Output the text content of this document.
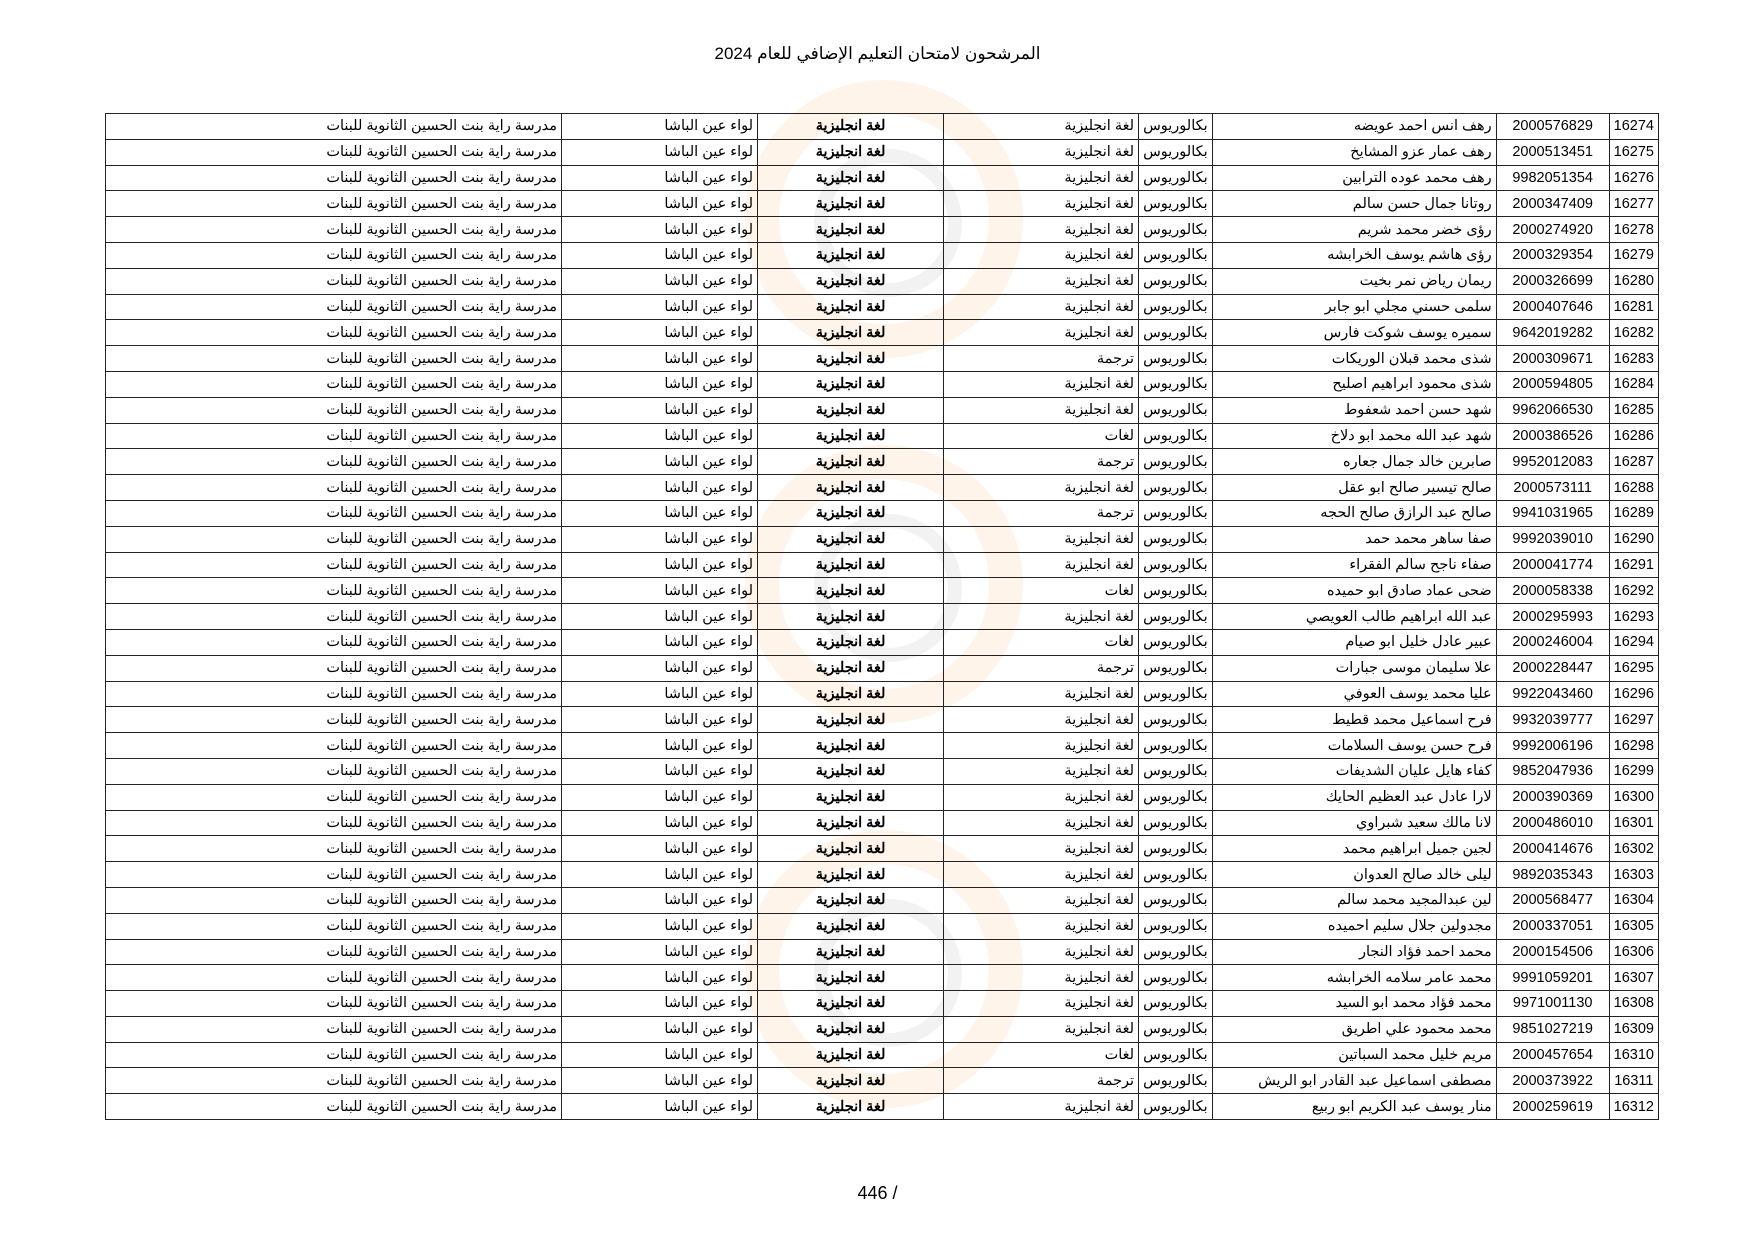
المرشحون لامتحان التعليم الإضافي للعام 2024
16274	2000576829	رهف انس احمد عويضه	بكالوريوس	لغة انجليزية	لغة انجليزية	لواء عين الباشا	مدرسة راية بنت الحسين الثانوية للبنات
16275	2000513451	رهف عمار عزو المشايخ	بكالوريوس	لغة انجليزية	لغة انجليزية	لواء عين الباشا	مدرسة راية بنت الحسين الثانوية للبنات
16276	9982051354	رهف محمد عوده الترابين	بكالوريوس	لغة انجليزية	لغة انجليزية	لواء عين الباشا	مدرسة راية بنت الحسين الثانوية للبنات
16277	2000347409	روتانا جمال حسن سالم	بكالوريوس	لغة انجليزية	لغة انجليزية	لواء عين الباشا	مدرسة راية بنت الحسين الثانوية للبنات
16278	2000274920	رؤى خضر محمد شريم	بكالوريوس	لغة انجليزية	لغة انجليزية	لواء عين الباشا	مدرسة راية بنت الحسين الثانوية للبنات
16279	2000329354	رؤى هاشم يوسف الخرابشه	بكالوريوس	لغة انجليزية	لغة انجليزية	لواء عين الباشا	مدرسة راية بنت الحسين الثانوية للبنات
16280	2000326699	ريمان رياض نمر بخيت	بكالوريوس	لغة انجليزية	لغة انجليزية	لواء عين الباشا	مدرسة راية بنت الحسين الثانوية للبنات
16281	2000407646	سلمى حسني مجلي ابو جابر	بكالوريوس	لغة انجليزية	لغة انجليزية	لواء عين الباشا	مدرسة راية بنت الحسين الثانوية للبنات
16282	9642019282	سميره يوسف شوكت فارس	بكالوريوس	لغة انجليزية	لغة انجليزية	لواء عين الباشا	مدرسة راية بنت الحسين الثانوية للبنات
16283	2000309671	شذى محمد قبلان الوريكات	بكالوريوس	ترجمة	لغة انجليزية	لواء عين الباشا	مدرسة راية بنت الحسين الثانوية للبنات
16284	2000594805	شذى محمود ابراهيم اصليح	بكالوريوس	لغة انجليزية	لغة انجليزية	لواء عين الباشا	مدرسة راية بنت الحسين الثانوية للبنات
16285	9962066530	شهد حسن احمد شعفوط	بكالوريوس	لغة انجليزية	لغة انجليزية	لواء عين الباشا	مدرسة راية بنت الحسين الثانوية للبنات
16286	2000386526	شهد عبد الله محمد ابو دلاخ	بكالوريوس	لغات	لغة انجليزية	لواء عين الباشا	مدرسة راية بنت الحسين الثانوية للبنات
16287	9952012083	صابرين خالد جمال جعاره	بكالوريوس	ترجمة	لغة انجليزية	لواء عين الباشا	مدرسة راية بنت الحسين الثانوية للبنات
16288	2000573111	صالح تيسير صالح ابو عقل	بكالوريوس	لغة انجليزية	لغة انجليزية	لواء عين الباشا	مدرسة راية بنت الحسين الثانوية للبنات
16289	9941031965	صالح عبد الرازق صالح الحجه	بكالوريوس	ترجمة	لغة انجليزية	لواء عين الباشا	مدرسة راية بنت الحسين الثانوية للبنات
16290	9992039010	صفا ساهر محمد حمد	بكالوريوس	لغة انجليزية	لغة انجليزية	لواء عين الباشا	مدرسة راية بنت الحسين الثانوية للبنات
16291	2000041774	صفاء ناجح سالم الفقراء	بكالوريوس	لغة انجليزية	لغة انجليزية	لواء عين الباشا	مدرسة راية بنت الحسين الثانوية للبنات
16292	2000058338	ضحى عماد صادق ابو حميده	بكالوريوس	لغات	لغة انجليزية	لواء عين الباشا	مدرسة راية بنت الحسين الثانوية للبنات
16293	2000295993	عبد الله ابراهيم طالب العويصي	بكالوريوس	لغة انجليزية	لغة انجليزية	لواء عين الباشا	مدرسة راية بنت الحسين الثانوية للبنات
16294	2000246004	عبير عادل خليل ابو صيام	بكالوريوس	لغات	لغة انجليزية	لواء عين الباشا	مدرسة راية بنت الحسين الثانوية للبنات
16295	2000228447	علا سليمان موسى جبارات	بكالوريوس	ترجمة	لغة انجليزية	لواء عين الباشا	مدرسة راية بنت الحسين الثانوية للبنات
16296	9922043460	عليا محمد يوسف العوفي	بكالوريوس	لغة انجليزية	لغة انجليزية	لواء عين الباشا	مدرسة راية بنت الحسين الثانوية للبنات
16297	9932039777	فرح اسماعيل محمد قطيط	بكالوريوس	لغة انجليزية	لغة انجليزية	لواء عين الباشا	مدرسة راية بنت الحسين الثانوية للبنات
16298	9992006196	فرح حسن يوسف السلامات	بكالوريوس	لغة انجليزية	لغة انجليزية	لواء عين الباشا	مدرسة راية بنت الحسين الثانوية للبنات
16299	9852047936	كفاء هايل عليان الشديفات	بكالوريوس	لغة انجليزية	لغة انجليزية	لواء عين الباشا	مدرسة راية بنت الحسين الثانوية للبنات
16300	2000390369	لارا عادل عبد العظيم الحايك	بكالوريوس	لغة انجليزية	لغة انجليزية	لواء عين الباشا	مدرسة راية بنت الحسين الثانوية للبنات
16301	2000486010	لانا مالك سعيد شبراوي	بكالوريوس	لغة انجليزية	لغة انجليزية	لواء عين الباشا	مدرسة راية بنت الحسين الثانوية للبنات
16302	2000414676	لجين جميل ابراهيم محمد	بكالوريوس	لغة انجليزية	لغة انجليزية	لواء عين الباشا	مدرسة راية بنت الحسين الثانوية للبنات
16303	9892035343	ليلى خالد صالح العدوان	بكالوريوس	لغة انجليزية	لغة انجليزية	لواء عين الباشا	مدرسة راية بنت الحسين الثانوية للبنات
16304	2000568477	لين عبدالمجيد محمد سالم	بكالوريوس	لغة انجليزية	لغة انجليزية	لواء عين الباشا	مدرسة راية بنت الحسين الثانوية للبنات
16305	2000337051	مجدولين جلال سليم احميده	بكالوريوس	لغة انجليزية	لغة انجليزية	لواء عين الباشا	مدرسة راية بنت الحسين الثانوية للبنات
16306	2000154506	محمد احمد فؤاد النجار	بكالوريوس	لغة انجليزية	لغة انجليزية	لواء عين الباشا	مدرسة راية بنت الحسين الثانوية للبنات
16307	9991059201	محمد عامر سلامه الخرابشه	بكالوريوس	لغة انجليزية	لغة انجليزية	لواء عين الباشا	مدرسة راية بنت الحسين الثانوية للبنات
16308	9971001130	محمد فؤاد محمد ابو السيد	بكالوريوس	لغة انجليزية	لغة انجليزية	لواء عين الباشا	مدرسة راية بنت الحسين الثانوية للبنات
16309	9851027219	محمد محمود علي اطريق	بكالوريوس	لغة انجليزية	لغة انجليزية	لواء عين الباشا	مدرسة راية بنت الحسين الثانوية للبنات
16310	2000457654	مريم خليل محمد السباتين	بكالوريوس	لغات	لغة انجليزية	لواء عين الباشا	مدرسة راية بنت الحسين الثانوية للبنات
16311	2000373922	مصطفى اسماعيل عبد القادر ابو الريش	بكالوريوس	ترجمة	لغة انجليزية	لواء عين الباشا	مدرسة راية بنت الحسين الثانوية للبنات
16312	2000259619	منار يوسف عبد الكريم ابو ربيع	بكالوريوس	لغة انجليزية	لغة انجليزية	لواء عين الباشا	مدرسة راية بنت الحسين الثانوية للبنات
446 /
